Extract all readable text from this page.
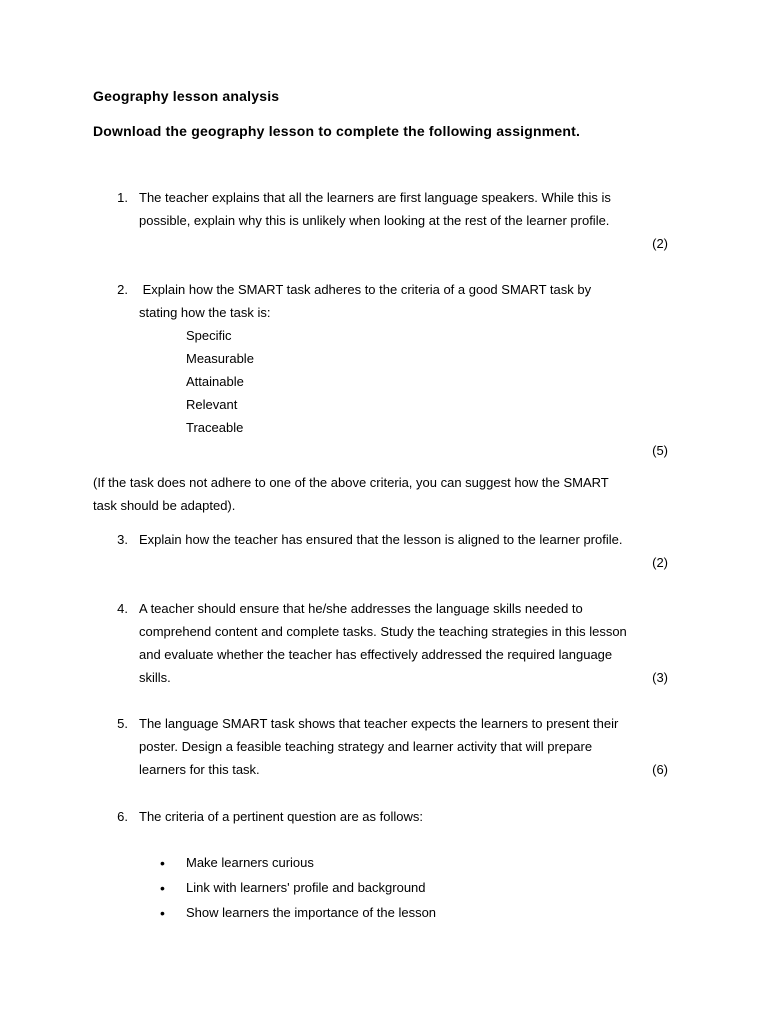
Geography lesson analysis
Download the geography lesson to complete the following assignment.
1. The teacher explains that all the learners are first language speakers. While this is
possible, explain why this is unlikely when looking at the rest of the learner profile.
(2)
2. Explain how the SMART task adheres to the criteria of a good SMART task by
stating how the task is:
Specific
Measurable
Attainable
Relevant
Traceable
(5)
(If the task does not adhere to one of the above criteria, you can suggest how the SMART
task should be adapted).
3. Explain how the teacher has ensured that the lesson is aligned to the learner profile.
(2)
4. A teacher should ensure that he/she addresses the language skills needed to
comprehend content and complete tasks. Study the teaching strategies in this lesson
and evaluate whether the teacher has effectively addressed the required language
skills.	(3)
5. The language SMART task shows that teacher expects the learners to present their
poster. Design a feasible teaching strategy and learner activity that will prepare
learners for this task.	(6)
6. The criteria of a pertinent question are as follows:
• Make learners curious
• Link with learners' profile and background
• Show learners the importance of the lesson
